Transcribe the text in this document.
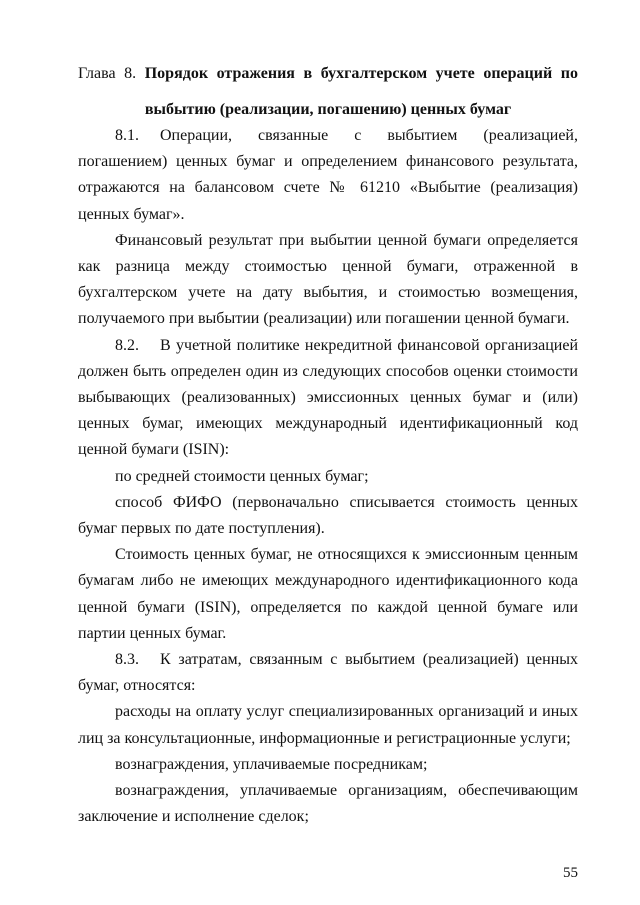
Глава 8. Порядок отражения в бухгалтерском учете операций по выбытию (реализации, погашению) ценных бумаг

8.1. Операции, связанные с выбытием (реализацией, погашением) ценных бумаг и определением финансового результата, отражаются на балансовом счете № 61210 «Выбытие (реализация) ценных бумаг».

Финансовый результат при выбытии ценной бумаги определяется как разница между стоимостью ценной бумаги, отраженной в бухгалтерском учете на дату выбытия, и стоимостью возмещения, получаемого при выбытии (реализации) или погашении ценной бумаги.

8.2. В учетной политике некредитной финансовой организацией должен быть определен один из следующих способов оценки стоимости выбывающих (реализованных) эмиссионных ценных бумаг и (или) ценных бумаг, имеющих международный идентификационный код ценной бумаги (ISIN):

по средней стоимости ценных бумаг;

способ ФИФО (первоначально списывается стоимость ценных бумаг первых по дате поступления).

Стоимость ценных бумаг, не относящихся к эмиссионным ценным бумагам либо не имеющих международного идентификационного кода ценной бумаги (ISIN), определяется по каждой ценной бумаге или партии ценных бумаг.

8.3. К затратам, связанным с выбытием (реализацией) ценных бумаг, относятся:

расходы на оплату услуг специализированных организаций и иных лиц за консультационные, информационные и регистрационные услуги;

вознаграждения, уплачиваемые посредникам;

вознаграждения, уплачиваемые организациям, обеспечивающим заключение и исполнение сделок;

55
